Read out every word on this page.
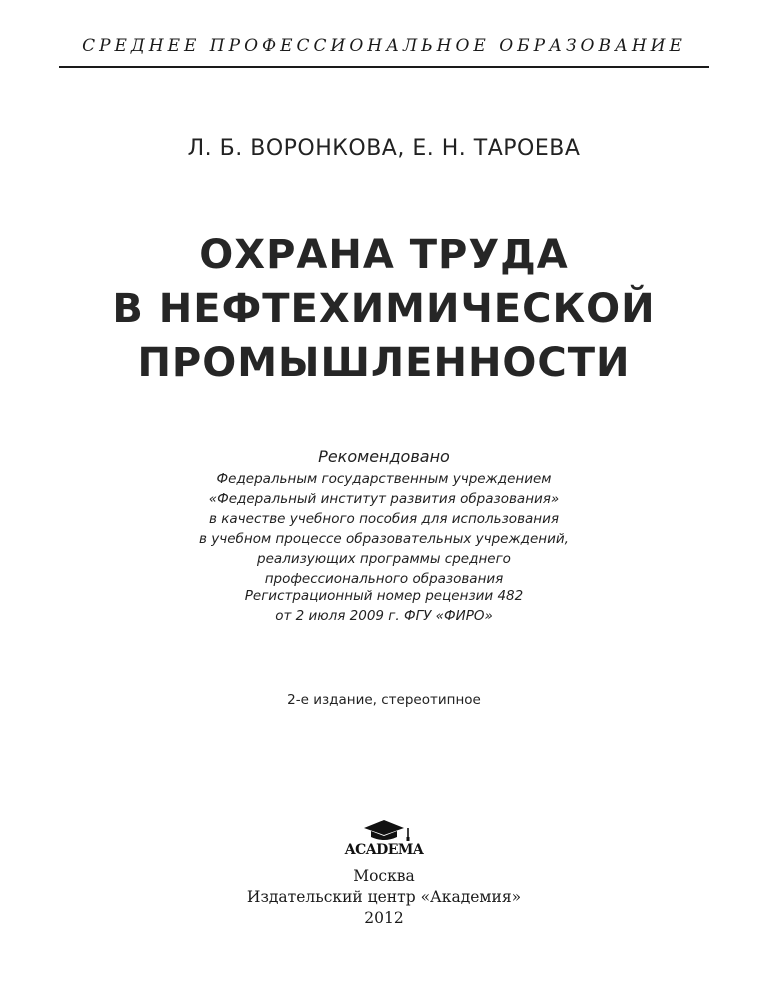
СРЕДНЕЕ ПРОФЕССИОНАЛЬНОЕ ОБРАЗОВАНИЕ
Л. Б. ВОРОНКОВА, Е. Н. ТАРОЕВА
ОХРАНА ТРУДА
В НЕФТЕХИМИЧЕСКОЙ
ПРОМЫШЛЕННОСТИ
Рекомендовано
Федеральным государственным учреждением
«Федеральный институт развития образования»
в качестве учебного пособия для использования
в учебном процессе образовательных учреждений,
реализующих программы среднего
профессионального образования
Регистрационный номер рецензии 482
от 2 июля 2009 г. ФГУ «ФИРО»
2-е издание, стереотипное
ACADEMA
Москва
Издательский центр «Академия»
2012
